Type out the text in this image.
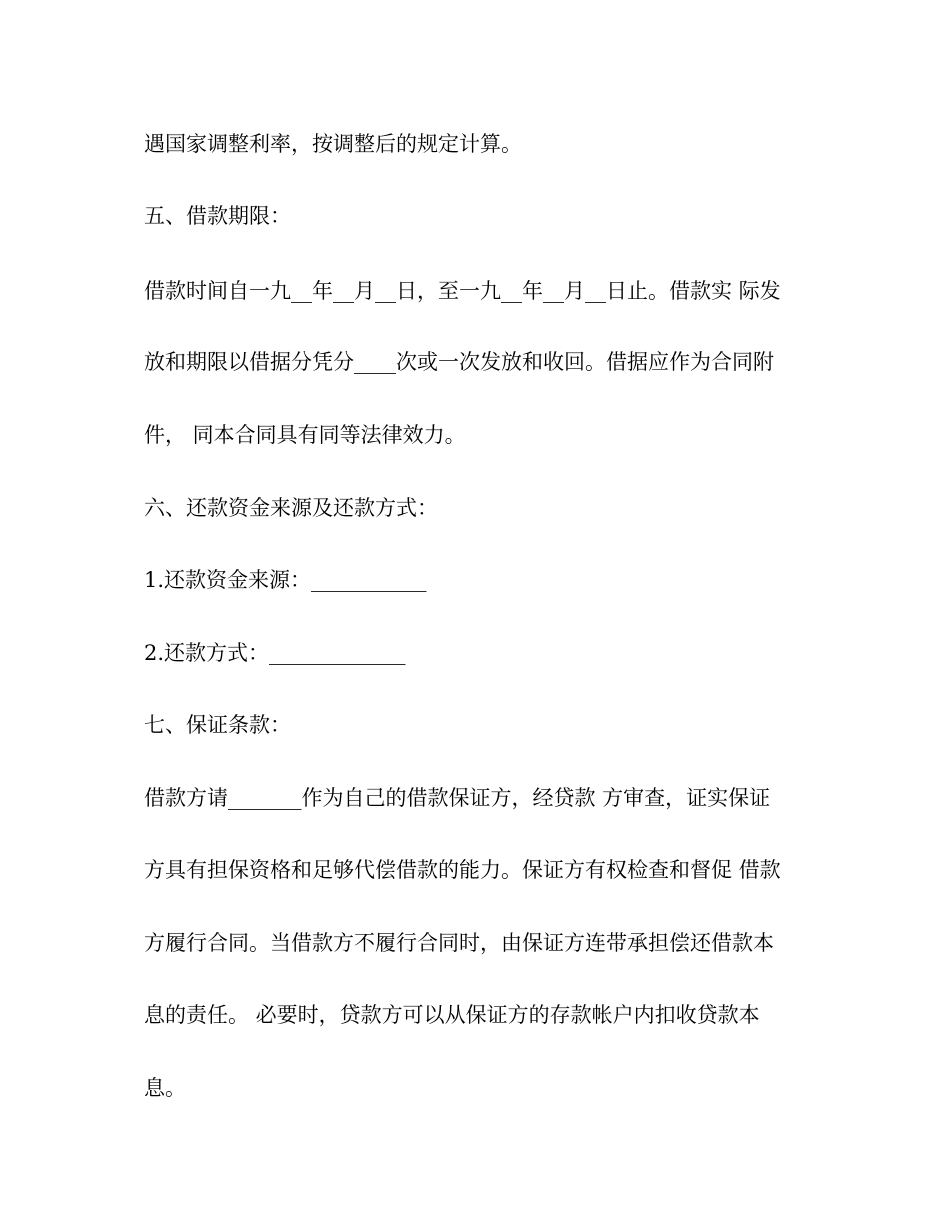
遇国家调整利率，按调整后的规定计算。
五、借款期限：
借款时间自一九__年__月__日，至一九__年__月__日止。借款实 际发
放和期限以借据分凭分____次或一次发放和收回。借据应作为合同附
件， 同本合同具有同等法律效力。
六、还款资金来源及还款方式：
1.还款资金来源：___________
2.还款方式：_____________
七、保证条款：
借款方请_______作为自己的借款保证方，经贷款 方审查，证实保证
方具有担保资格和足够代偿借款的能力。保证方有权检查和督促 借款
方履行合同。当借款方不履行合同时，由保证方连带承担偿还借款本
息的责任。 必要时，贷款方可以从保证方的存款帐户内扣收贷款本
息。
